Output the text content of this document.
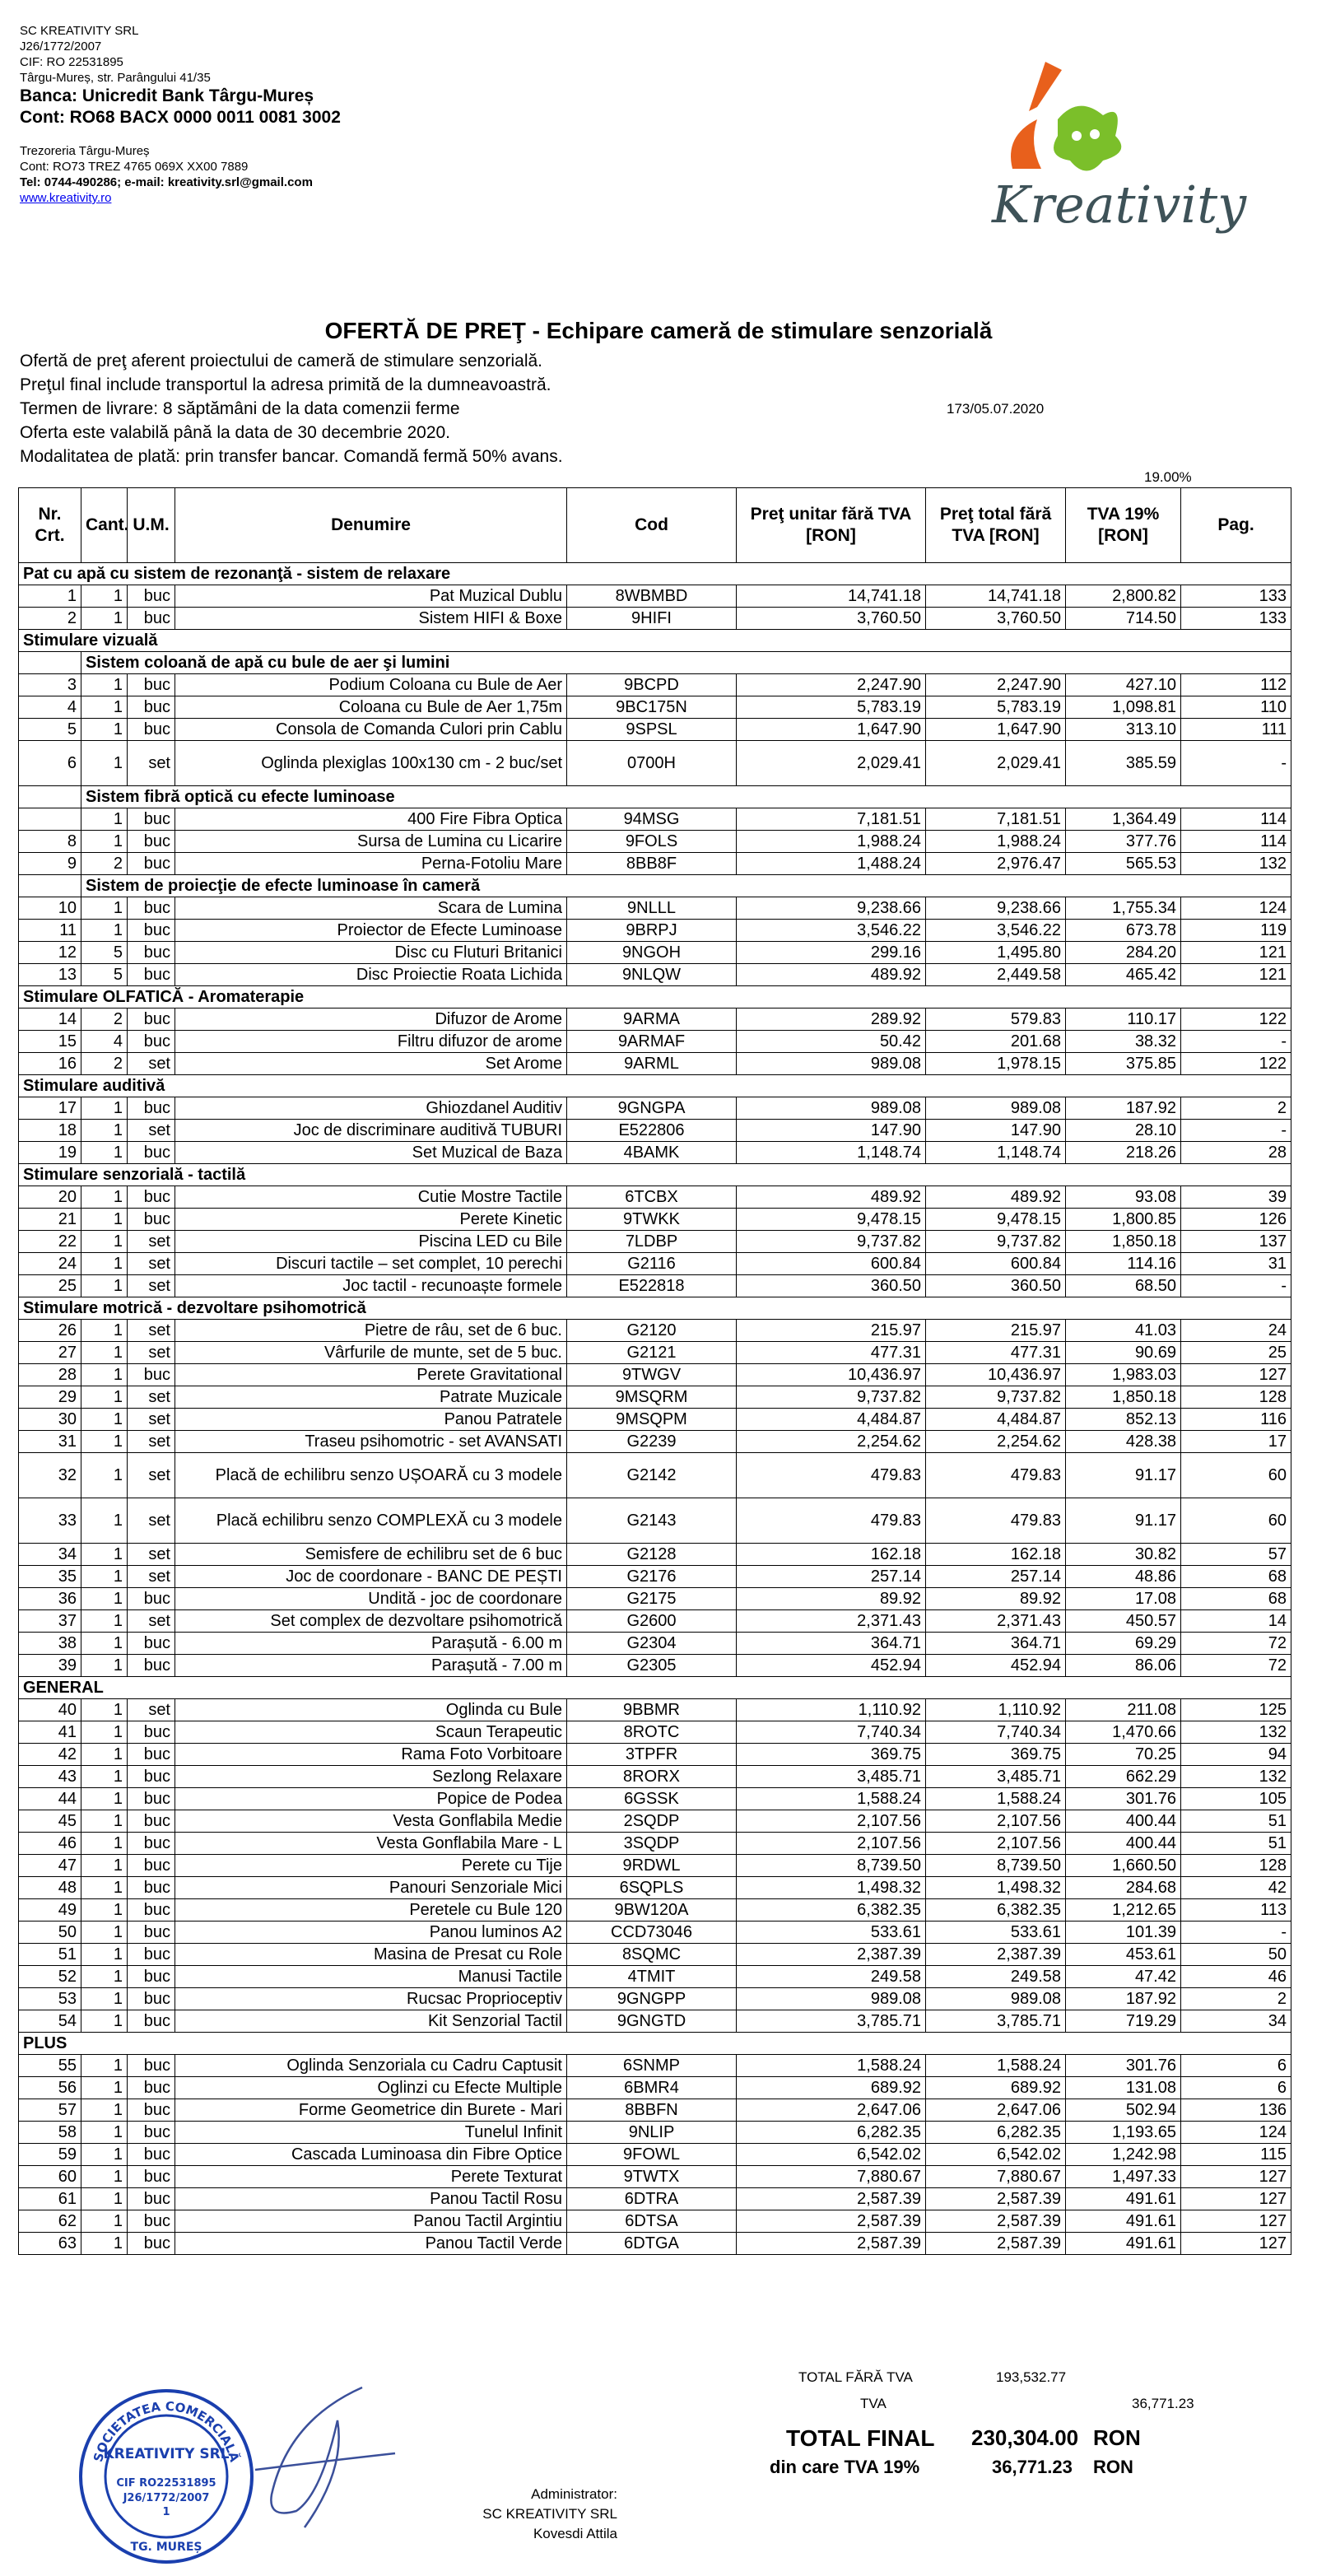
SC KREATIVITY SRL
J26/1772/2007
CIF: RO 22531895
Târgu-Mureș, str. Parângului 41/35
Banca: Unicredit Bank Târgu-Mureș
Cont: RO68 BACX 0000 0011 0081 3002
Trezoreria Târgu-Mureș
Cont: RO73 TREZ 4765 069X XX00 7889
Tel: 0744-490286; e-mail: kreativity.srl@gmail.com
www.kreativity.ro	Kreativity
OFERTĂ DE PREŢ - Echipare cameră de stimulare senzorială
Ofertă de preţ aferent proiectului de cameră de stimulare senzorială.
Preţul final include transportul la adresa primită de la dumneavoastră.
Termen de livrare: 8 săptămâni de la data comenzii ferme
Oferta este valabilă până la data de 30 decembrie 2020.
Modalitatea de plată: prin transfer bancar. Comandă fermă 50% avans.
173/05.07.2020
19.00%
Nr. Crt.	Cant.	U.M.	Denumire	Cod	Preţ unitar fără TVA [RON]	Preţ total fără TVA [RON]	TVA 19% [RON]	Pag.
Pat cu apă cu sistem de rezonanţă - sistem de relaxare								
1	1	buc	Pat Muzical Dublu	8WBMBD	14,741.18	14,741.18	2,800.82	133
2	1	buc	Sistem HIFI & Boxe	9HIFI	3,760.50	3,760.50	714.50	133
Stimulare vizuală								
	Sistem coloană de apă cu bule de aer şi lumini							
3	1	buc	Podium Coloana cu Bule de Aer	9BCPD	2,247.90	2,247.90	427.10	112
4	1	buc	Coloana cu Bule de Aer 1,75m	9BC175N	5,783.19	5,783.19	1,098.81	110
5	1	buc	Consola de Comanda Culori prin Cablu	9SPSL	1,647.90	1,647.90	313.10	111
6	1	set	Oglinda plexiglas 100x130 cm - 2 buc/set	0700H	2,029.41	2,029.41	385.59	-
	Sistem fibră optică cu efecte luminoase							
	1	buc	400 Fire Fibra Optica	94MSG	7,181.51	7,181.51	1,364.49	114
8	1	buc	Sursa de Lumina cu Licarire	9FOLS	1,988.24	1,988.24	377.76	114
9	2	buc	Perna-Fotoliu Mare	8BB8F	1,488.24	2,976.47	565.53	132
	Sistem de proiecţie de efecte luminoase în cameră							
10	1	buc	Scara de Lumina	9NLLL	9,238.66	9,238.66	1,755.34	124
11	1	buc	Proiector de Efecte Luminoase	9BRPJ	3,546.22	3,546.22	673.78	119
12	5	buc	Disc cu Fluturi Britanici	9NGOH	299.16	1,495.80	284.20	121
13	5	buc	Disc Proiectie Roata Lichida	9NLQW	489.92	2,449.58	465.42	121
Stimulare OLFATICĂ - Aromaterapie								
14	2	buc	Difuzor de Arome	9ARMA	289.92	579.83	110.17	122
15	4	buc	Filtru difuzor de arome	9ARMAF	50.42	201.68	38.32	-
16	2	set	Set Arome	9ARML	989.08	1,978.15	375.85	122
Stimulare auditivă								
17	1	buc	Ghiozdanel Auditiv	9GNGPA	989.08	989.08	187.92	2
18	1	set	Joc de discriminare auditivă TUBURI	E522806	147.90	147.90	28.10	-
19	1	buc	Set Muzical de Baza	4BAMK	1,148.74	1,148.74	218.26	28
Stimulare senzorială - tactilă								
20	1	buc	Cutie Mostre Tactile	6TCBX	489.92	489.92	93.08	39
21	1	buc	Perete Kinetic	9TWKK	9,478.15	9,478.15	1,800.85	126
22	1	set	Piscina LED cu Bile	7LDBP	9,737.82	9,737.82	1,850.18	137
24	1	set	Discuri tactile – set complet, 10 perechi	G2116	600.84	600.84	114.16	31
25	1	set	Joc tactil - recunoaște formele	E522818	360.50	360.50	68.50	-
Stimulare motrică - dezvoltare psihomotrică								
26	1	set	Pietre de râu, set de 6 buc.	G2120	215.97	215.97	41.03	24
27	1	set	Vârfurile de munte, set de 5 buc.	G2121	477.31	477.31	90.69	25
28	1	buc	Perete Gravitational	9TWGV	10,436.97	10,436.97	1,983.03	127
29	1	set	Patrate Muzicale	9MSQRM	9,737.82	9,737.82	1,850.18	128
30	1	set	Panou Patratele	9MSQPM	4,484.87	4,484.87	852.13	116
31	1	set	Traseu psihomotric - set AVANSATI	G2239	2,254.62	2,254.62	428.38	17
32	1	set	Placă de echilibru senzo UȘOARĂ cu 3 modele	G2142	479.83	479.83	91.17	60
33	1	set	Placă echilibru senzo COMPLEXĂ cu 3 modele	G2143	479.83	479.83	91.17	60
34	1	set	Semisfere de echilibru set de 6 buc	G2128	162.18	162.18	30.82	57
35	1	set	Joc de coordonare - BANC DE PEȘTI	G2176	257.14	257.14	48.86	68
36	1	buc	Unditǎ - joc de coordonare	G2175	89.92	89.92	17.08	68
37	1	set	Set complex de dezvoltare psihomotrică	G2600	2,371.43	2,371.43	450.57	14
38	1	buc	Parașută - 6.00 m	G2304	364.71	364.71	69.29	72
39	1	buc	Parașută - 7.00 m	G2305	452.94	452.94	86.06	72
GENERAL								
40	1	set	Oglinda cu Bule	9BBMR	1,110.92	1,110.92	211.08	125
41	1	buc	Scaun Terapeutic	8ROTC	7,740.34	7,740.34	1,470.66	132
42	1	buc	Rama Foto Vorbitoare	3TPFR	369.75	369.75	70.25	94
43	1	buc	Sezlong Relaxare	8RORX	3,485.71	3,485.71	662.29	132
44	1	buc	Popice de Podea	6GSSK	1,588.24	1,588.24	301.76	105
45	1	buc	Vesta Gonflabila Medie	2SQDP	2,107.56	2,107.56	400.44	51
46	1	buc	Vesta Gonflabila Mare - L	3SQDP	2,107.56	2,107.56	400.44	51
47	1	buc	Perete cu Tije	9RDWL	8,739.50	8,739.50	1,660.50	128
48	1	buc	Panouri Senzoriale Mici	6SQPLS	1,498.32	1,498.32	284.68	42
49	1	buc	Peretele cu Bule 120	9BW120A	6,382.35	6,382.35	1,212.65	113
50	1	buc	Panou luminos A2	CCD73046	533.61	533.61	101.39	-
51	1	buc	Masina de Presat cu Role	8SQMC	2,387.39	2,387.39	453.61	50
52	1	buc	Manusi Tactile	4TMIT	249.58	249.58	47.42	46
53	1	buc	Rucsac Proprioceptiv	9GNGPP	989.08	989.08	187.92	2
54	1	buc	Kit Senzorial Tactil	9GNGTD	3,785.71	3,785.71	719.29	34
PLUS								
55	1	buc	Oglinda Senzoriala cu Cadru Captusit	6SNMP	1,588.24	1,588.24	301.76	6
56	1	buc	Oglinzi cu Efecte Multiple	6BMR4	689.92	689.92	131.08	6
57	1	buc	Forme Geometrice din Burete - Mari	8BBFN	2,647.06	2,647.06	502.94	136
58	1	buc	Tunelul Infinit	9NLIP	6,282.35	6,282.35	1,193.65	124
59	1	buc	Cascada Luminoasa din Fibre Optice	9FOWL	6,542.02	6,542.02	1,242.98	115
60	1	buc	Perete Texturat	9TWTX	7,880.67	7,880.67	1,497.33	127
61	1	buc	Panou Tactil Rosu	6DTRA	2,587.39	2,587.39	491.61	127
62	1	buc	Panou Tactil Argintiu	6DTSA	2,587.39	2,587.39	491.61	127
63	1	buc	Panou Tactil Verde	6DTGA	2,587.39	2,587.39	491.61	127
TOTAL FĂRĂ TVA	193,532.77
TVA	36,771.23
TOTAL FINAL 230,304.00 RON
din care TVA 19%	36,771.23 RON
SOCIETATEA COMERCIALĂ
KREATIVITY SRL
CIF RO22531895
J26/1772/2007
1
TG. MUREȘ
Administrator:
SC KREATIVITY SRL
Kovesdi Attila
